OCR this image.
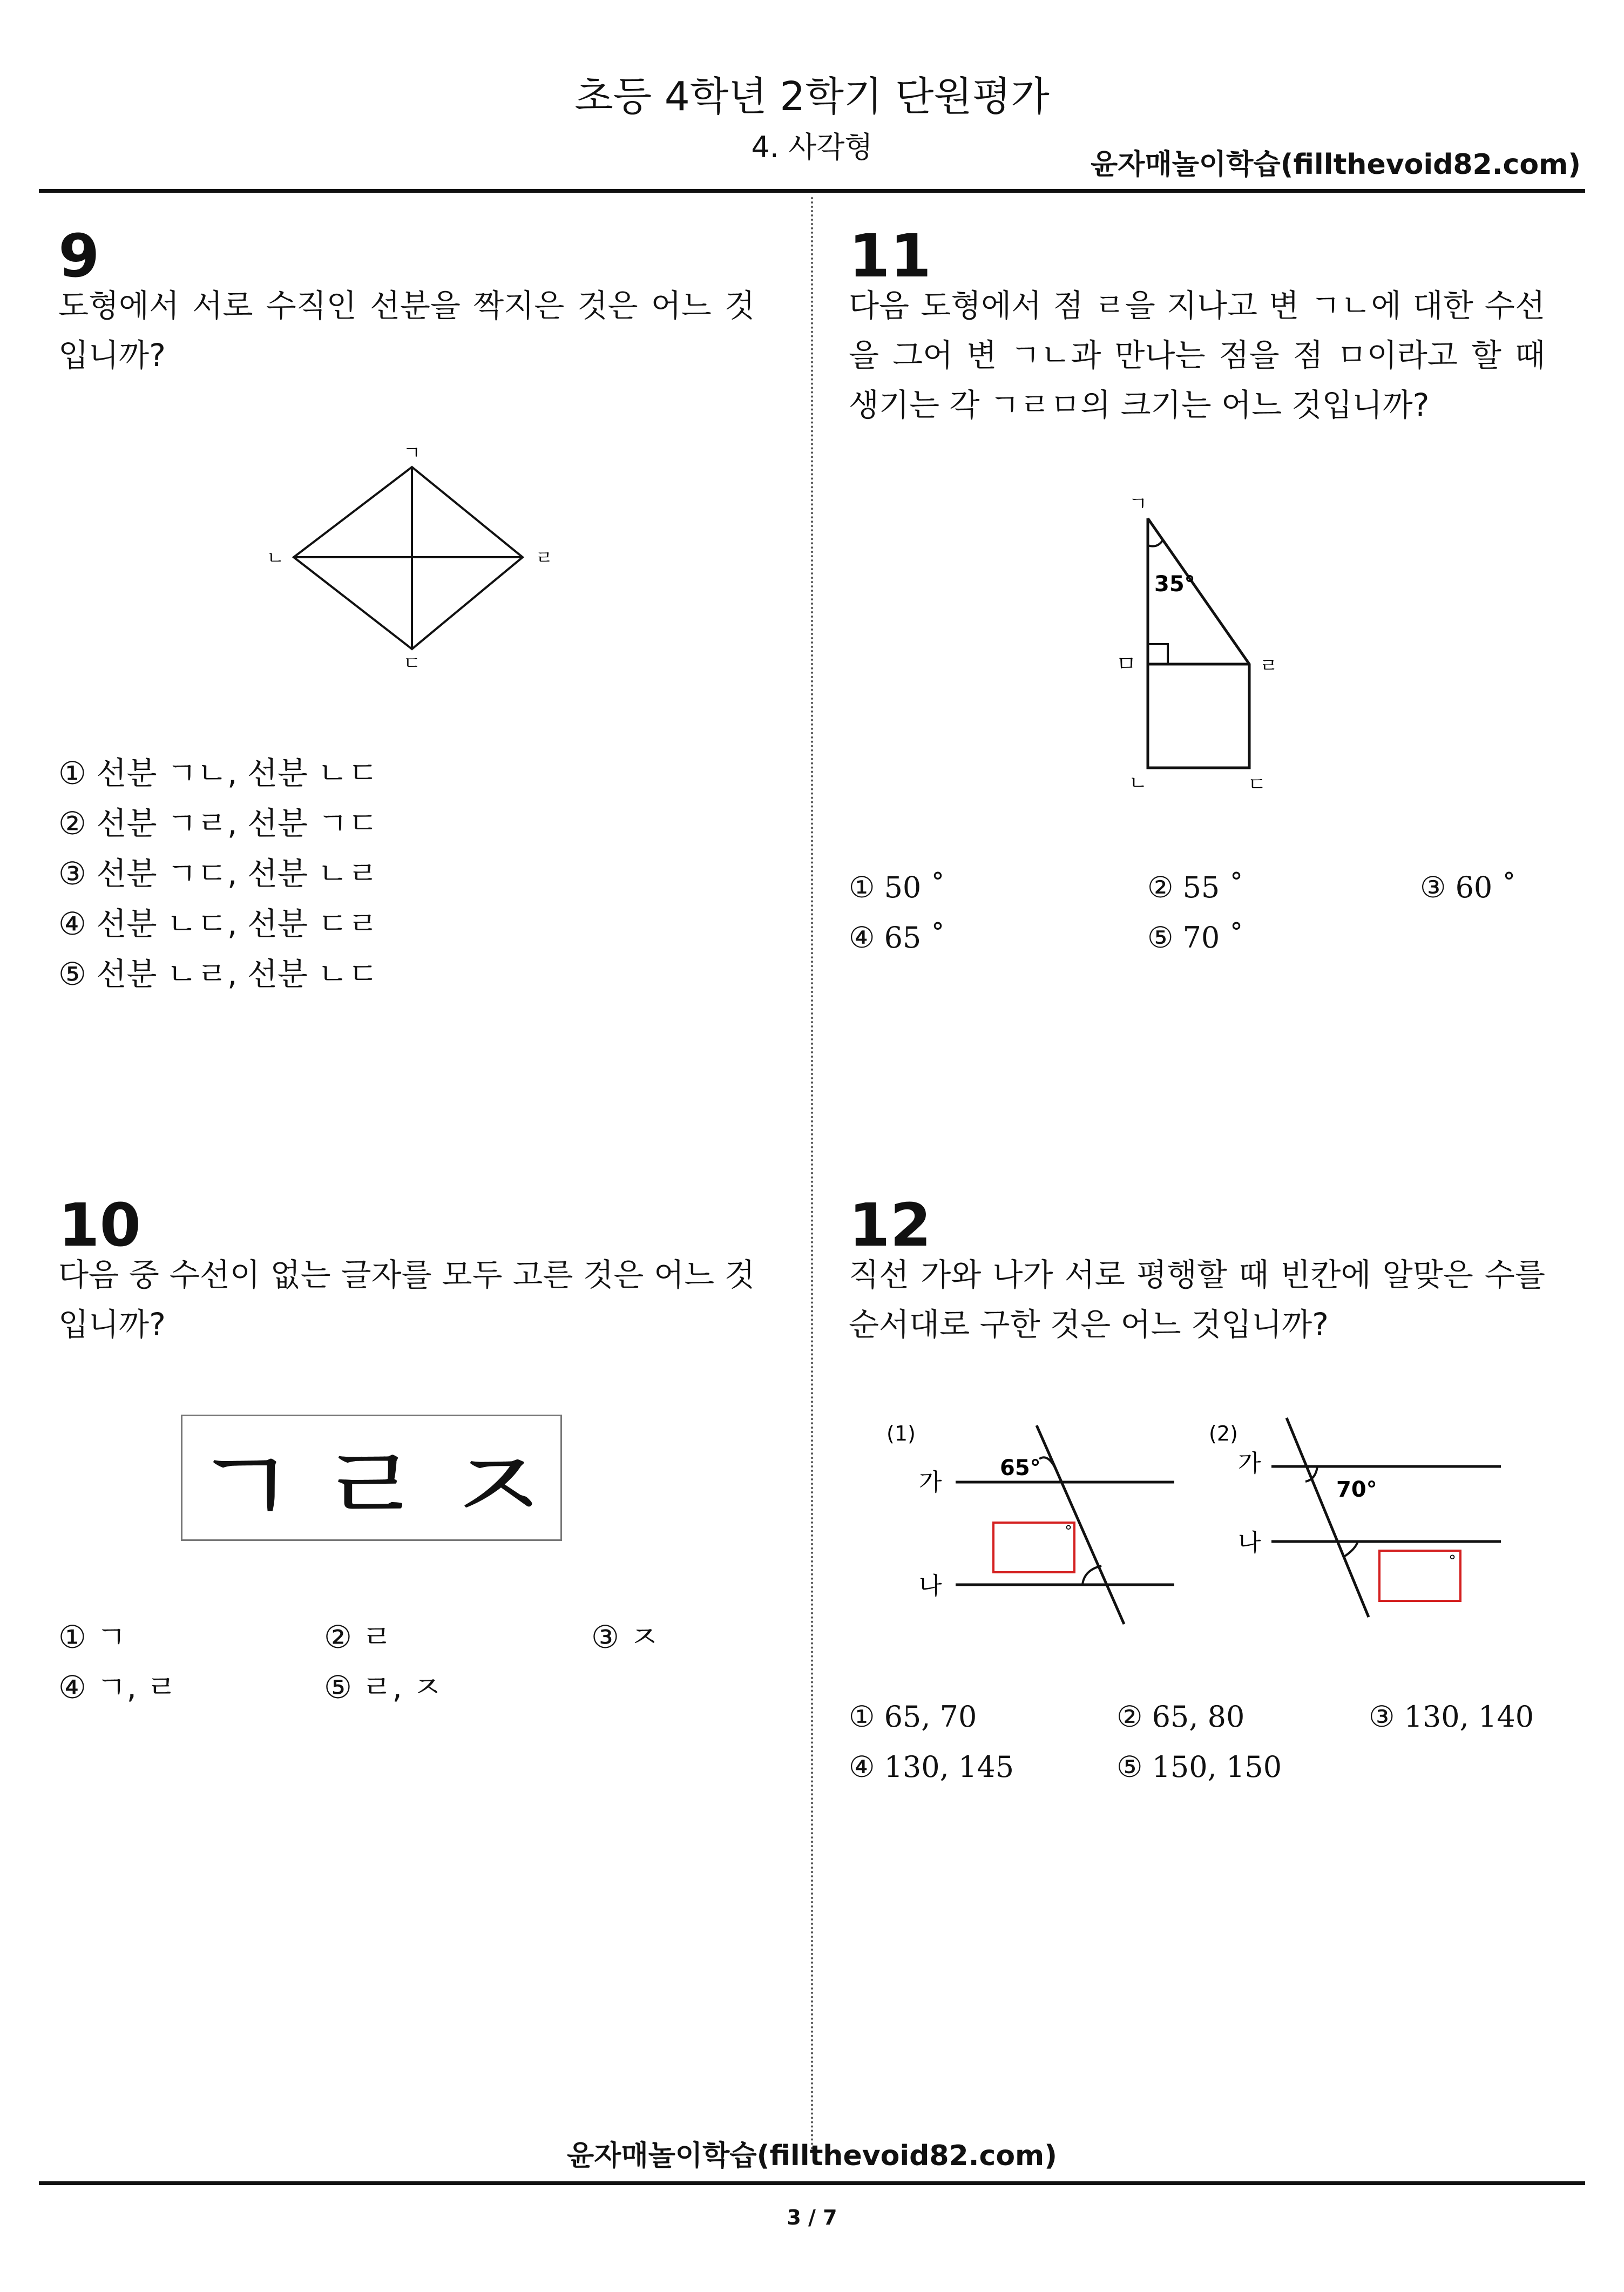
초등 4학년 2학기 단원평가
4. 사각형
윤자매놀이학습(fillthevoid82.com)
9
도형에서 서로 수직인 선분을 짝지은 것은 어느 것입니까?
ㄱ
ㄴ
ㄷ
ㄹ
① 선분 ㄱㄴ, 선분 ㄴㄷ
② 선분 ㄱㄹ, 선분 ㄱㄷ
③ 선분 ㄱㄷ, 선분 ㄴㄹ
④ 선분 ㄴㄷ, 선분 ㄷㄹ
⑤ 선분 ㄴㄹ, 선분 ㄴㄷ
10
다음 중 수선이 없는 글자를 모두 고른 것은 어느 것입니까?
ㄱ ㄹ ㅈ
① ㄱ	② ㄹ	③ ㅈ
④ ㄱ, ㄹ	⑤ ㄹ, ㅈ
11
다음 도형에서 점 ㄹ을 지나고 변 ㄱㄴ에 대한 수선을 그어 변 ㄱㄴ과 만나는 점을 점 ㅁ이라고 할 때 생기는 각 ㄱㄹㅁ의 크기는 어느 것입니까?
35°
ㄱ
ㅁ	ㄹ
ㄴ	ㄷ
① 50 ˚	② 55 ˚	③ 60 ˚
④ 65 ˚	⑤ 70 ˚
12
직선 가와 나가 서로 평행할 때 빈칸에 알맞은 수를 순서대로 구한 것은 어느 것입니까?
°
(1)
65°
가
나
°
(2)
70°
가
나
① 65, 70	② 65, 80	③ 130, 140
④ 130, 145	⑤ 150, 150
윤자매놀이학습(fillthevoid82.com)
3 / 7
